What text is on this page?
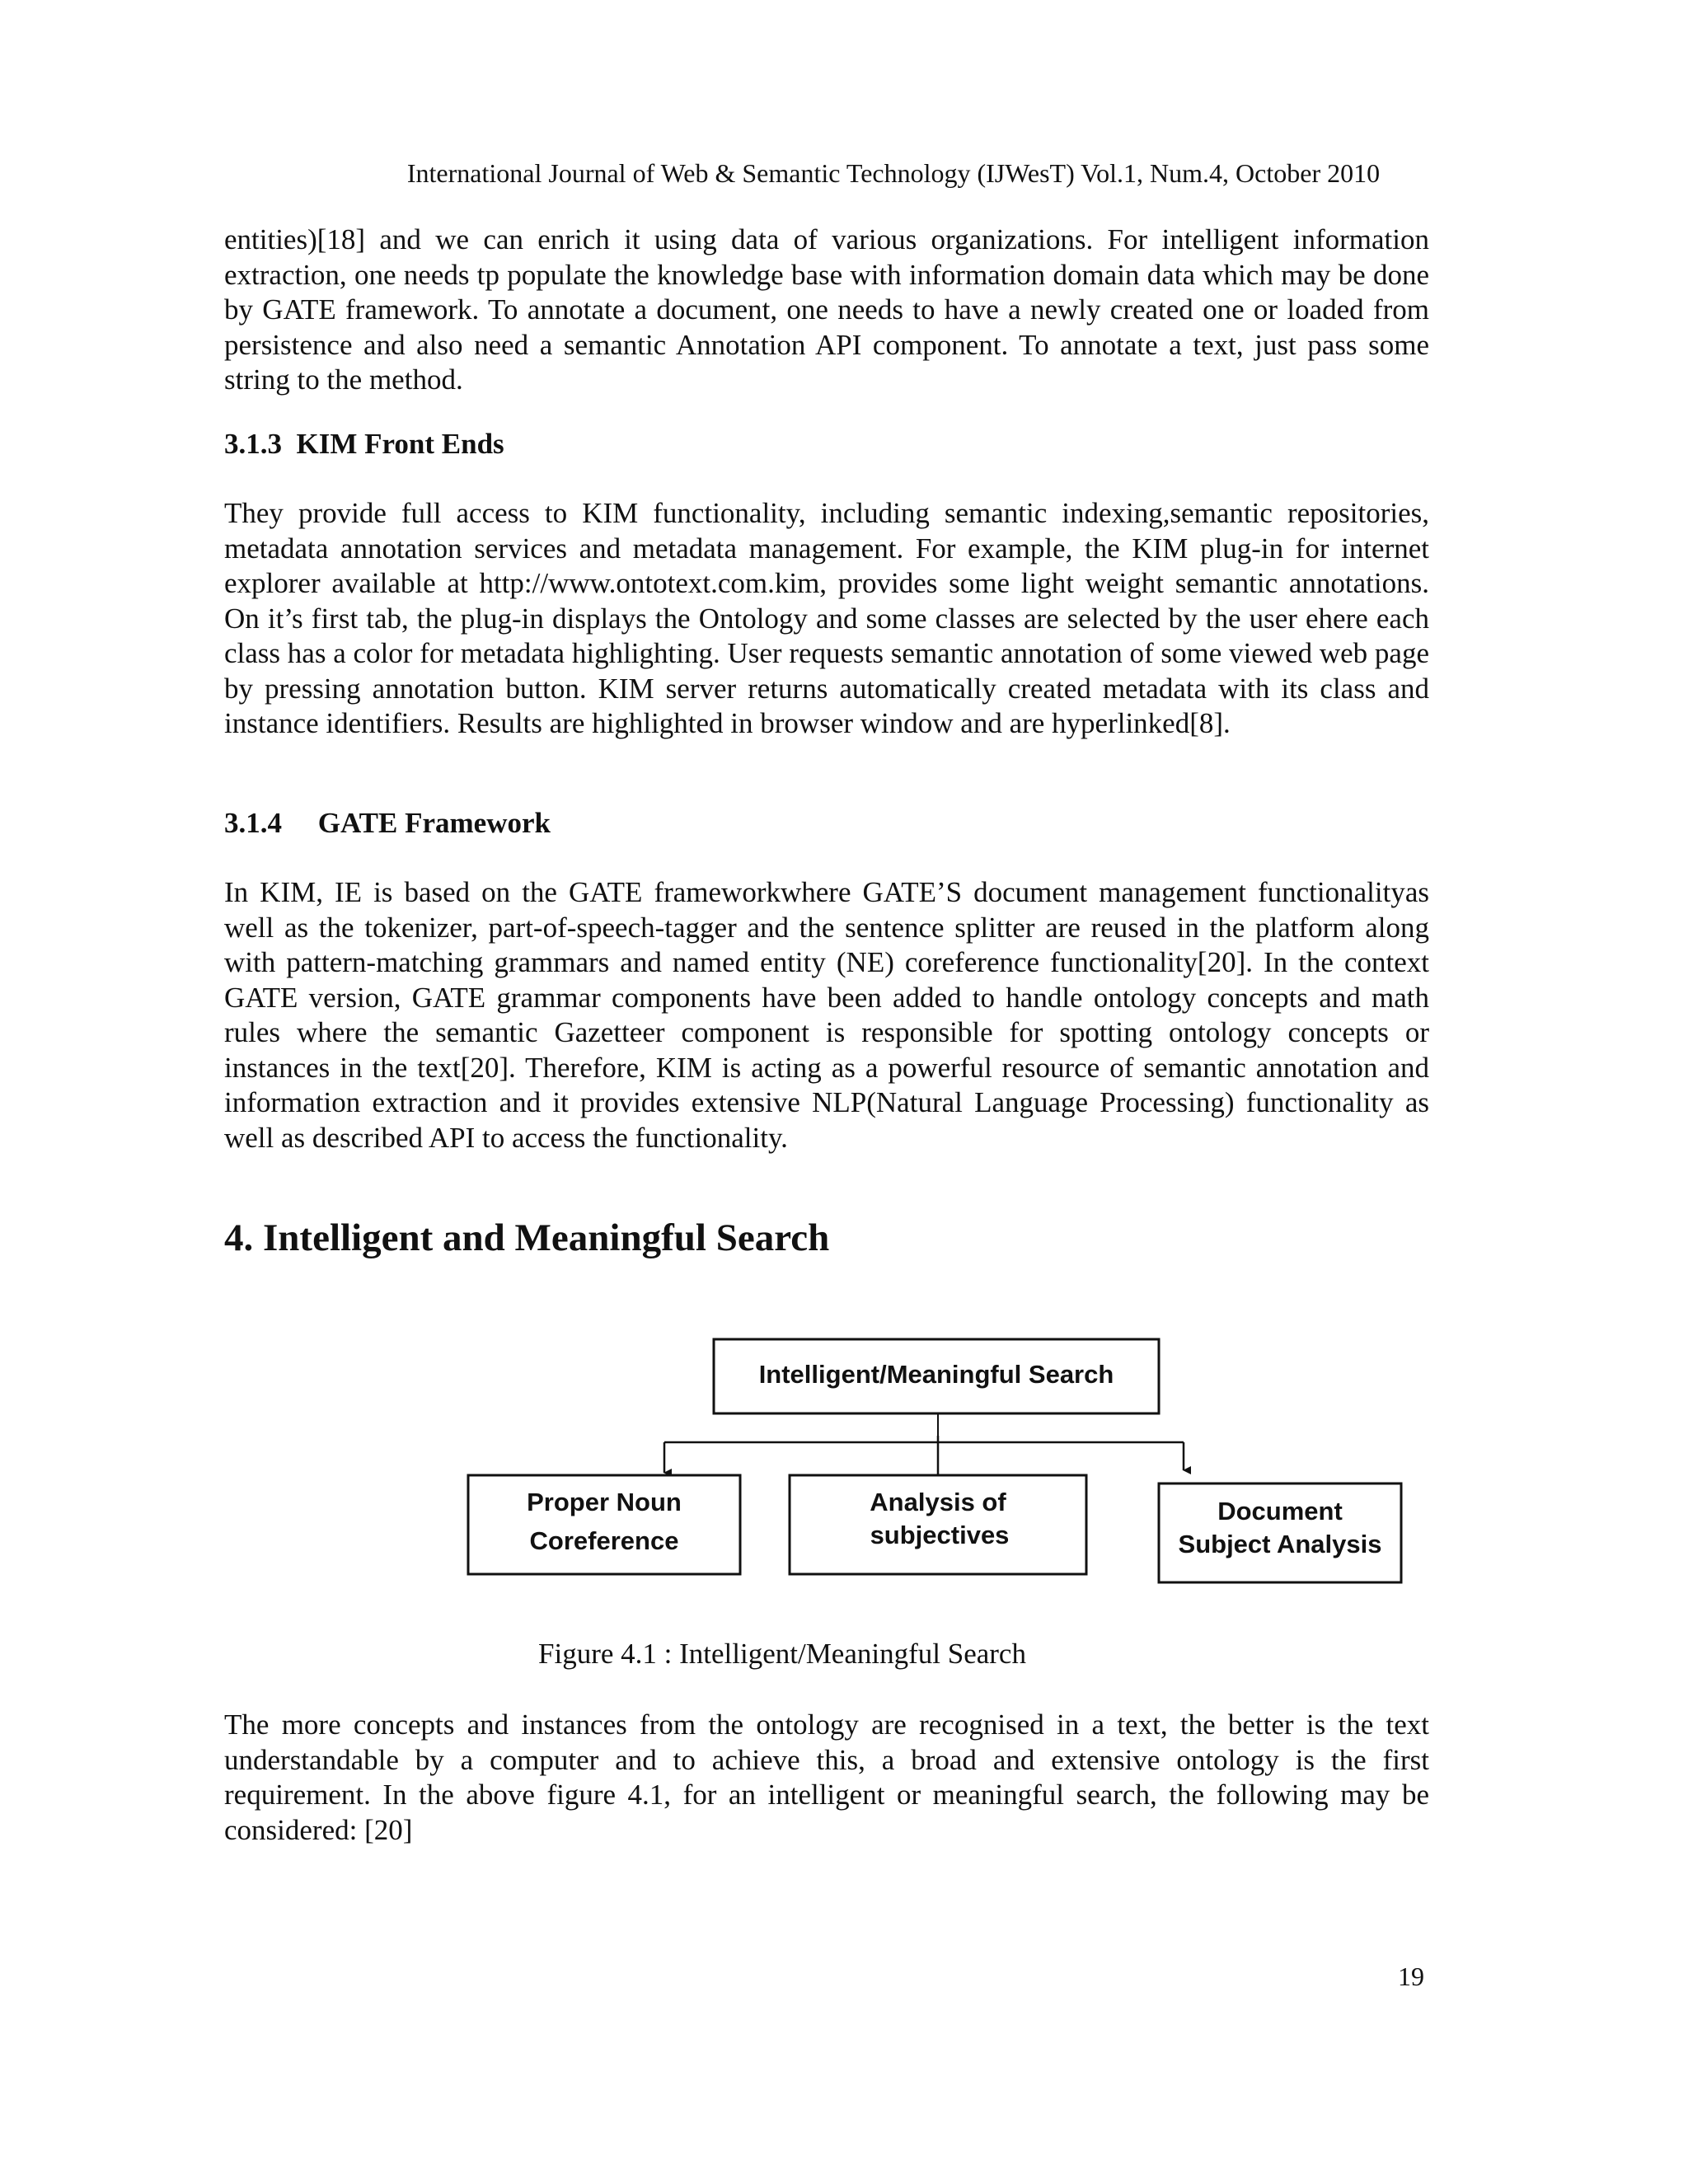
International Journal of Web & Semantic Technology (IJWesT) Vol.1, Num.4, October 2010

entities)[18] and we can enrich it using data of various organizations. For intelligent information extraction, one needs tp populate the knowledge base with information domain data which may be done by GATE framework. To annotate a document, one needs to have a newly created one or loaded from persistence and also need a semantic Annotation API component. To annotate a text, just pass some string to the method.

3.1.3  KIM Front Ends

They provide full access to KIM functionality, including semantic indexing,semantic repositories, metadata annotation services and metadata management. For example, the KIM plug-in for internet explorer available at http://www.ontotext.com.kim, provides some light weight semantic annotations. On it’s first tab, the plug-in displays the Ontology and some classes are selected by the user ehere each class has a color for metadata highlighting. User requests semantic annotation of some viewed web page by pressing annotation button. KIM server returns automatically created metadata with its class and instance identifiers. Results are highlighted in browser window and are hyperlinked[8].

3.1.4     GATE Framework

In KIM, IE is based on the GATE frameworkwhere GATE’S document management functionalityas well as the tokenizer, part-of-speech-tagger and the sentence splitter are reused in the platform along with pattern-matching grammars and named entity (NE) coreference functionality[20]. In the context GATE version, GATE grammar components have been added to handle ontology concepts and math rules where the semantic Gazetteer component is responsible for spotting ontology concepts or instances in the text[20]. Therefore, KIM is acting as a powerful resource of semantic annotation and information extraction and it provides extensive NLP(Natural Language Processing) functionality as well as described API to access the functionality.

4. Intelligent and Meaningful Search
Intelligent/Meaningful Search
Proper Noun
Coreference
Analysis of
subjectives
Document
Subject Analysis
Figure 4.1 : Intelligent/Meaningful Search

The more concepts and instances from the ontology are recognised in a text, the better is the text understandable by a computer and to achieve this, a broad and extensive ontology is the first requirement. In the above figure 4.1, for an intelligent or meaningful search, the following may be considered: [20]

19
